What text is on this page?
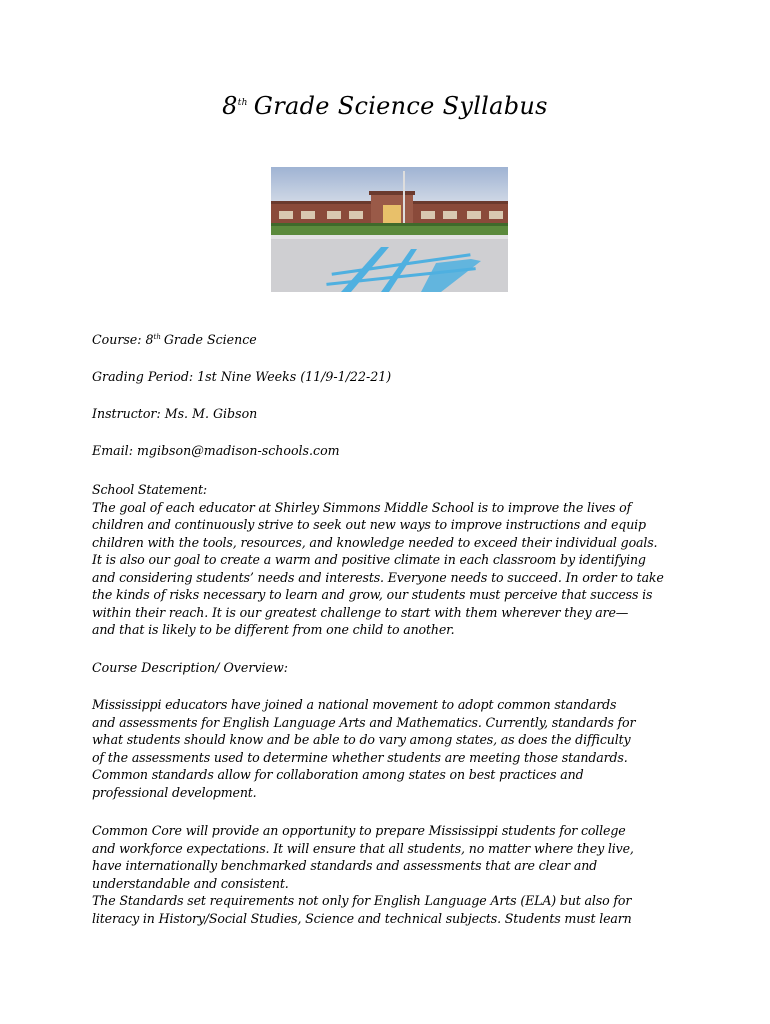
8th Grade Science Syllabus
Course: 8th Grade Science
Grading Period: 1st Nine Weeks (11/9-1/22-21)
Instructor: Ms. M. Gibson
Email: mgibson@madison-schools.com
School Statement:
The goal of each educator at Shirley Simmons Middle School is to improve the lives of
children and continuously strive to seek out new ways to improve instructions and equip
children with the tools, resources, and knowledge needed to exceed their individual goals.
It is also our goal to create a warm and positive climate in each classroom by identifying
and considering students’ needs and interests. Everyone needs to succeed. In order to take
the kinds of risks necessary to learn and grow, our students must perceive that success is
within their reach. It is our greatest challenge to start with them wherever they are—
and that is likely to be different from one child to another.
Course Description/ Overview:
Mississippi educators have joined a national movement to adopt common standards
and assessments for English Language Arts and Mathematics. Currently, standards for
what students should know and be able to do vary among states, as does the difficulty
of the assessments used to determine whether students are meeting those standards.
Common standards allow for collaboration among states on best practices and
professional development.
Common Core will provide an opportunity to prepare Mississippi students for college
and workforce expectations. It will ensure that all students, no matter where they live,
have internationally benchmarked standards and assessments that are clear and
understandable and consistent.
The Standards set requirements not only for English Language Arts (ELA) but also for
literacy in History/Social Studies, Science and technical subjects. Students must learn
